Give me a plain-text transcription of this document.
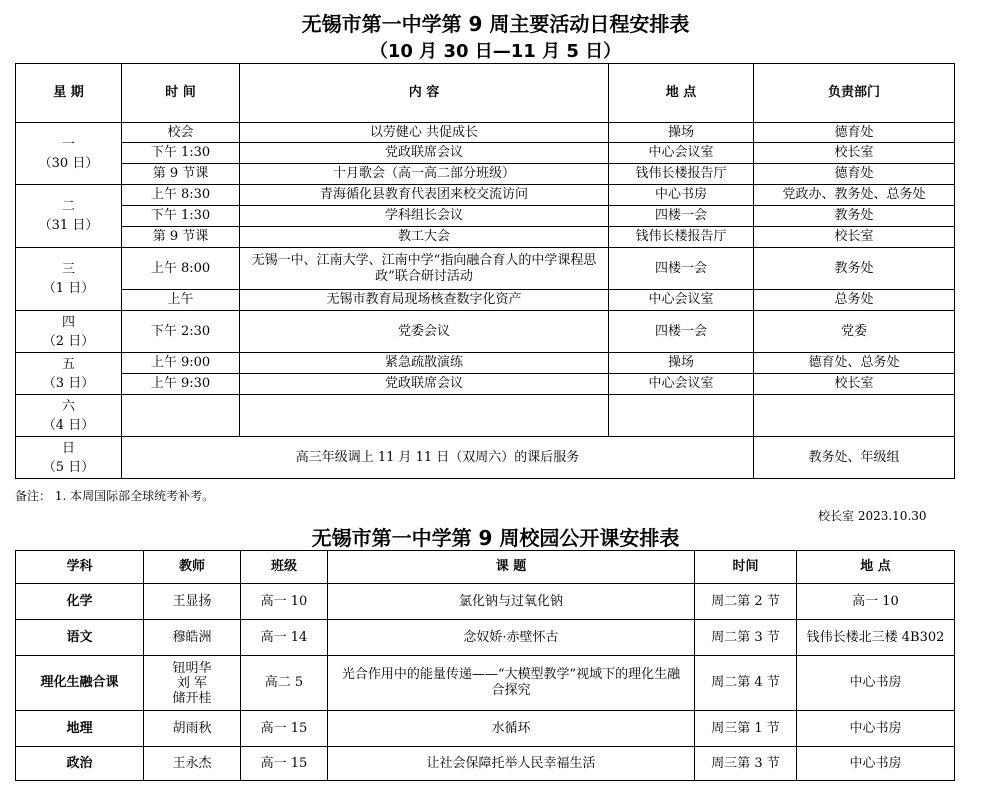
无锡市第一中学第 9 周主要活动日程安排表
（10 月 30 日—11 月 5 日）
星 期	时 间	内 容	地 点	负责部门

一
（30 日）	校会	以劳健心 共促成长	操场	德育处
	下午 1:30	党政联席会议	中心会议室	校长室
	第 9 节课	十月歌会（高一高二部分班级）	钱伟长楼报告厅	德育处

二
（31 日）	上午 8:30	青海循化县教育代表团来校交流访问	中心书房	党政办、教务处、总务处
	下午 1:30	学科组长会议	四楼一会	教务处
	第 9 节课	教工大会	钱伟长楼报告厅	校长室

三
（1 日）	上午 8:00	无锡一中、江南大学、江南中学“指向融合育人的中学课程思政”联合研讨活动	四楼一会	教务处
	上午	无锡市教育局现场核查数字化资产	中心会议室	总务处

四
（2 日）	下午 2:30	党委会议	四楼一会	党委

五
（3 日）	上午 9:00	紧急疏散演练	操场	德育处、总务处
	上午 9:30	党政联席会议	中心会议室	校长室

六
（4 日）				

日
（5 日）	高三年级调上 11 月 11 日（双周六）的课后服务			教务处、年级组
备注： 1. 本周国际部全球统考补考。
校长室 2023.10.30
无锡市第一中学第 9 周校园公开课安排表
学科	教师	班级	课 题	时间	地 点
化学	王显扬	高一 10	氯化钠与过氧化钠	周二第 2 节	高一 10
语文	穆皓洲	高一 14	念奴娇·赤壁怀古	周二第 3 节	钱伟长楼北三楼 4B302
理化生融合课	钮明华
刘 军
储开桂	高二 5	光合作用中的能量传递——“大模型教学”视域下的理化生融合探究	周二第 4 节	中心书房
地理	胡雨秋	高一 15	水循环	周三第 1 节	中心书房
政治	王永杰	高一 15	让社会保障托举人民幸福生活	周三第 3 节	中心书房
